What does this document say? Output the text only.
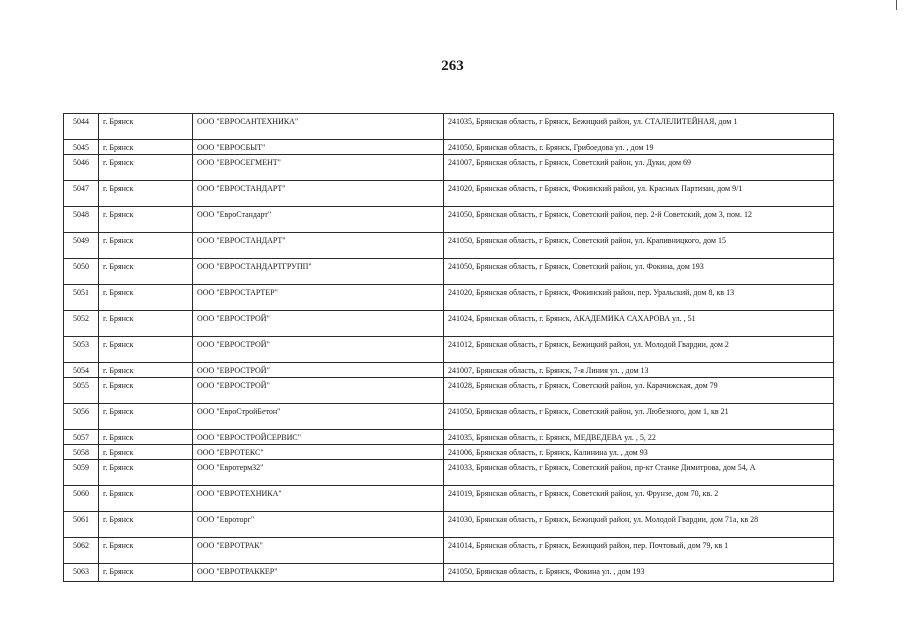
263
5044	г. Брянск	ООО "ЕВРОСАНТЕХНИКА"	241035, Брянская область, г Брянск, Бежицкий район, ул. СТАЛЕЛИТЕЙНАЯ, дом 1
5045	г. Брянск	ООО "ЕВРОСБЫТ"	241050, Брянская область, г. Брянск, Грибоедова ул. , дом 19
5046	г. Брянск	ООО "ЕВРОСЕГМЕНТ"	241007, Брянская область, г Брянск, Советский район, ул. Дуки, дом 69
5047	г. Брянск	ООО "ЕВРОСТАНДАРТ"	241020, Брянская область, г Брянск, Фокинский район, ул. Красных Партизан, дом 9/1
5048	г. Брянск	ООО "ЕвроСтандарт"	241050, Брянская область, г Брянск, Советский район, пер. 2-й Советский, дом 3, пом. 12
5049	г. Брянск	ООО "ЕВРОСТАНДАРТ"	241050, Брянская область, г Брянск, Советский район, ул. Крапивницкого, дом 15
5050	г. Брянск	ООО "ЕВРОСТАНДАРТГРУПП"	241050, Брянская область, г Брянск, Советский район, ул. Фокина, дом 193
5051	г. Брянск	ООО "ЕВРОСТАРТЕР"	241020, Брянская область, г Брянск, Фокинский район, пер. Уральский, дом 8, кв 13
5052	г. Брянск	ООО "ЕВРОСТРОЙ"	241024, Брянская область, г. Брянск, АКАДЕМИКА САХАРОВА ул. , 51
5053	г. Брянск	ООО "ЕВРОСТРОЙ"	241012, Брянская область, г Брянск, Бежицкий район, ул. Молодой Гвардии, дом 2
5054	г. Брянск	ООО "ЕВРОСТРОЙ"	241007, Брянская область, г. Брянск, 7-я Линия ул. , дом 13
5055	г. Брянск	ООО "ЕВРОСТРОЙ"	241028, Брянская область, г Брянск, Советский район, ул. Карачижская, дом 79
5056	г. Брянск	ООО "ЕвроСтройБетон"	241050, Брянская область, г Брянск, Советский район, ул. Любезного, дом 1, кв 21
5057	г. Брянск	ООО "ЕВРОСТРОЙСЕРВИС"	241035, Брянская область, г. Брянск, МЕДВЕДЕВА ул. , 5, 22
5058	г. Брянск	ООО "ЕВРОТЕКС"	241006, Брянская область, г. Брянск, Калинина ул. , дом 93
5059	г. Брянск	ООО "Евротерм32"	241033, Брянская область, г Брянск, Советский район, пр-кт Станке Димитрова, дом 54, А
5060	г. Брянск	ООО "ЕВРОТЕХНИКА"	241019, Брянская область, г Брянск, Советский район, ул. Фрунзе, дом 70, кв. 2
5061	г. Брянск	ООО "Евроторг"	241030, Брянская область, г Брянск, Бежицкий район, ул. Молодой Гвардии, дом 71а, кв 28
5062	г. Брянск	ООО "ЕВРОТРАК"	241014, Брянская область, г Брянск, Бежицкий район, пер. Почтовый, дом 79, кв 1
5063	г. Брянск	ООО "ЕВРОТРАККЕР"	241050, Брянская область, г. Брянск, Фокина ул. , дом 193
